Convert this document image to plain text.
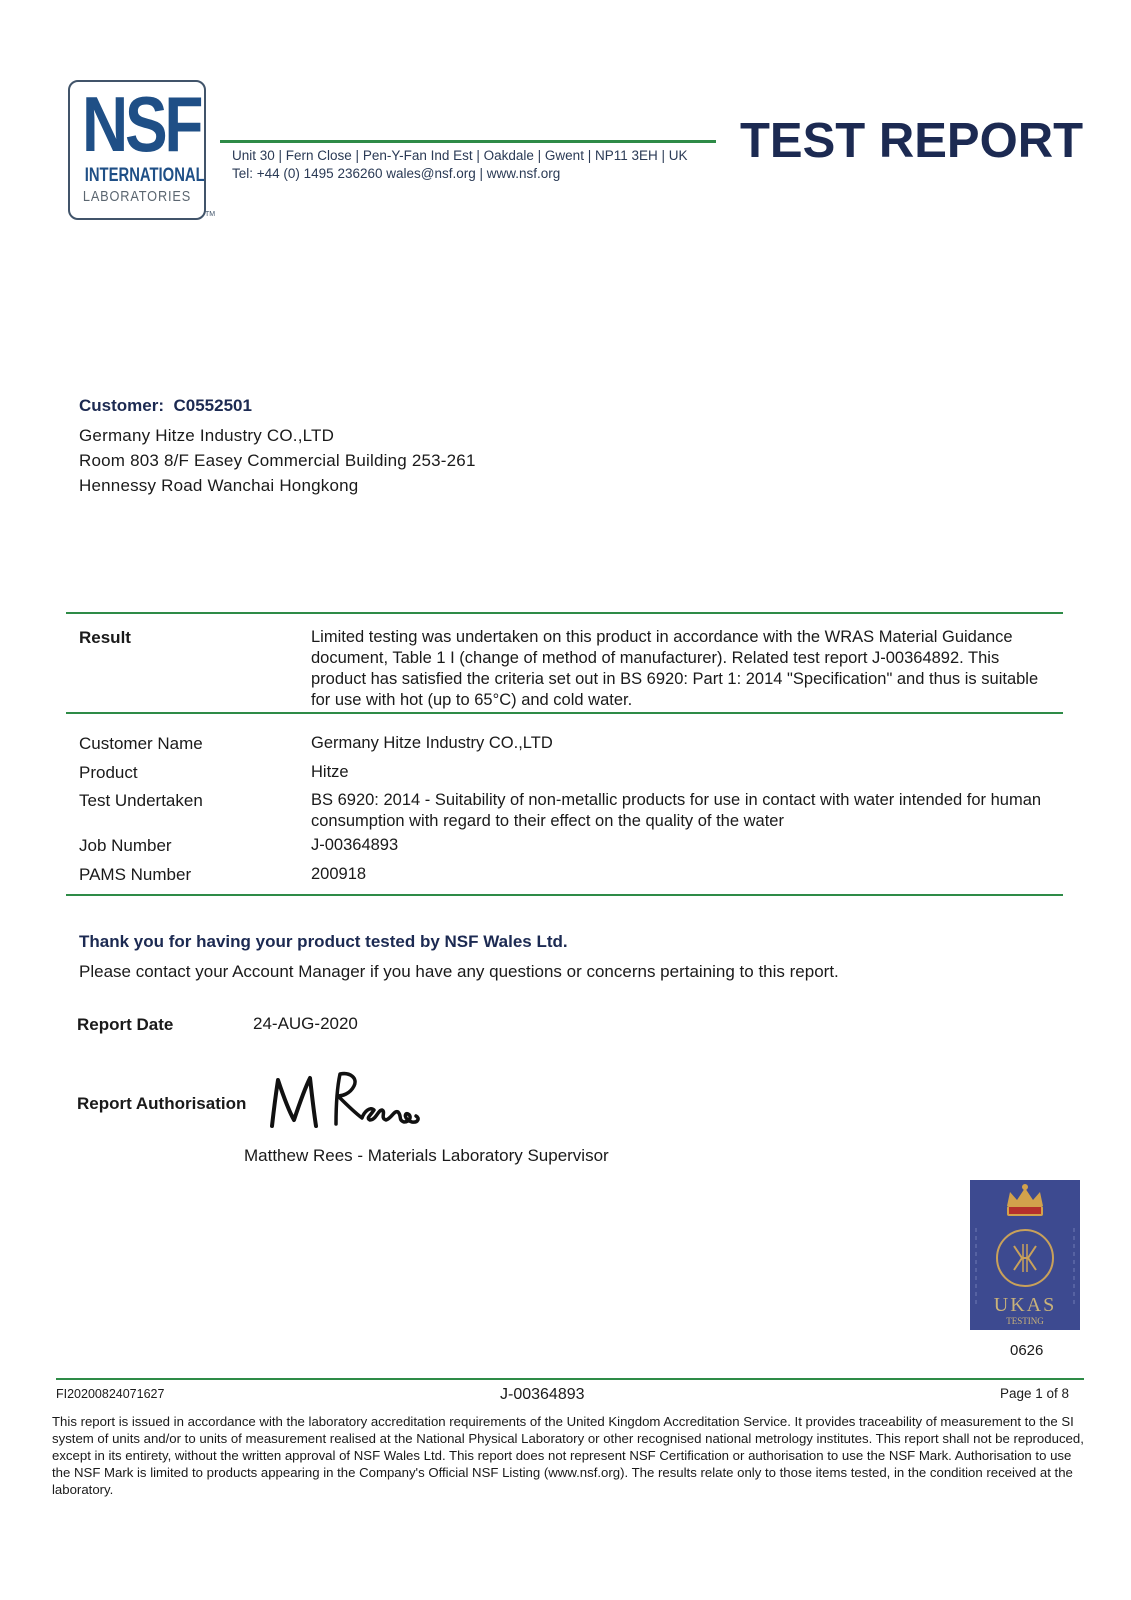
NSF
INTERNATIONAL
LABORATORIES
TM
Unit 30 | Fern Close | Pen-Y-Fan Ind Est | Oakdale | Gwent | NP11 3EH | UK
Tel: +44 (0) 1495 236260 wales@nsf.org | www.nsf.org
TEST REPORT
Customer: C0552501
Germany Hitze Industry CO.,LTD
Room 803 8/F Easey Commercial Building 253-261
Hennessy Road Wanchai Hongkong
Result	Limited testing was undertaken on this product in accordance with the WRAS Material Guidance document, Table 1 I (change of method of manufacturer). Related test report J-00364892. This product has satisfied the criteria set out in BS 6920: Part 1: 2014 "Specification" and thus is suitable for use with hot (up to 65°C) and cold water.
Customer Name	Germany Hitze Industry CO.,LTD
Product	Hitze
Test Undertaken	BS 6920: 2014 - Suitability of non-metallic products for use in contact with water intended for human consumption with regard to their effect on the quality of the water
Job Number	J-00364893
PAMS Number	200918
Thank you for having your product tested by NSF Wales Ltd.
Please contact your Account Manager if you have any questions or concerns pertaining to this report.
Report Date	24-AUG-2020
Report Authorisation
Matthew Rees - Materials Laboratory Supervisor
UKAS
TESTING
0626
FI20200824071627	J-00364893	Page 1 of 8
This report is issued in accordance with the laboratory accreditation requirements of the United Kingdom Accreditation Service. It provides traceability of measurement to the SI system of units and/or to units of measurement realised at the National Physical Laboratory or other recognised national metrology institutes. This report shall not be reproduced, except in its entirety, without the written approval of NSF Wales Ltd. This report does not represent NSF Certification or authorisation to use the NSF Mark. Authorisation to use the NSF Mark is limited to products appearing in the Company's Official NSF Listing (www.nsf.org). The results relate only to those items tested, in the condition received at the laboratory.
